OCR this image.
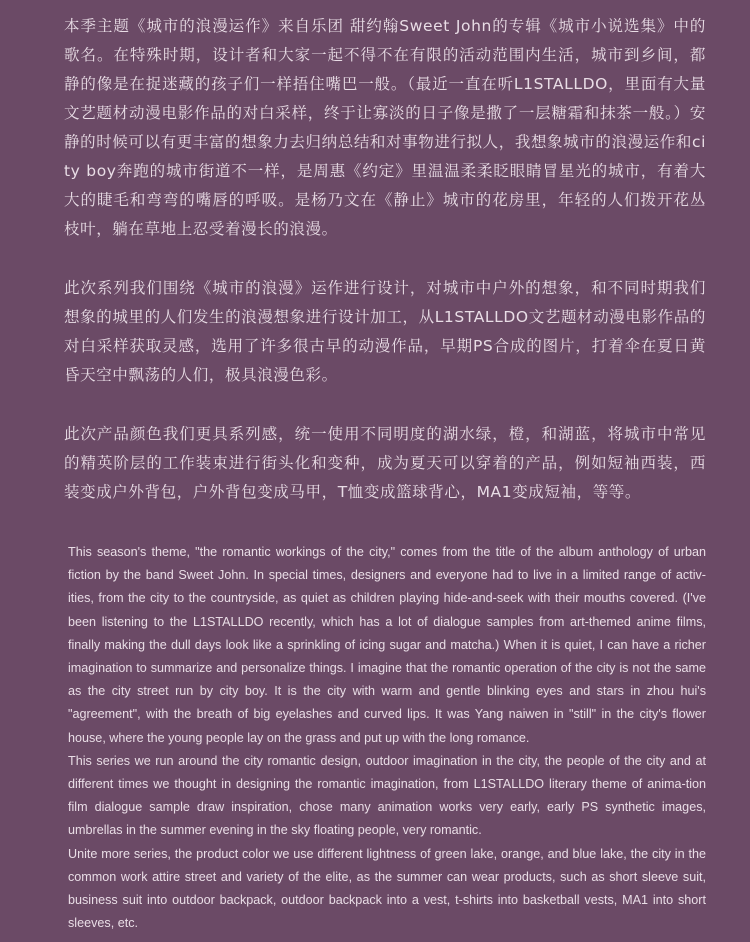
本季主题《城市的浪漫运作》来自乐团 甜约翰Sweet John的专辑《城市小说选集》中的歌名。在特殊时期，设计者和大家一起不得不在有限的活动范围内生活，城市到乡间，都静的像是在捉迷藏的孩子们一样捂住嘴巴一般。（最近一直在听L1STALLDO，里面有大量文艺题材动漫电影作品的对白采样，终于让寡淡的日子像是撒了一层糖霜和抹茶一般。）安静的时候可以有更丰富的想象力去归纳总结和对事物进行拟人，我想象城市的浪漫运作和city boy奔跑的城市街道不一样，是周惠《约定》里温温柔柔眨眼睛冒星光的城市，有着大大的睫毛和弯弯的嘴唇的呼吸。是杨乃文在《静止》城市的花房里，年轻的人们拨开花丛枝叶，躺在草地上忍受着漫长的浪漫。

此次系列我们围绕《城市的浪漫》运作进行设计，对城市中户外的想象，和不同时期我们想象的城里的人们发生的浪漫想象进行设计加工，从L1STALLDO文艺题材动漫电影作品的对白采样获取灵感，选用了许多很古早的动漫作品，早期PS合成的图片，打着伞在夏日黄昏天空中飘荡的人们，极具浪漫色彩。

此次产品颜色我们更具系列感，统一使用不同明度的湖水绿，橙，和湖蓝，将城市中常见的精英阶层的工作装束进行街头化和变种，成为夏天可以穿着的产品，例如短袖西装，西装变成户外背包，户外背包变成马甲，T恤变成篮球背心，MA1变成短袖，等等。

This season's theme, "the romantic workings of the city," comes from the title of the album anthology of urban fiction by the band Sweet John. In special times, designers and everyone had to live in a limited range of activ-ities, from the city to the countryside, as quiet as children playing hide-and-seek with their mouths covered. (I've been listening to the L1STALLDO recently, which has a lot of dialogue samples from art-themed anime films, finally making the dull days look like a sprinkling of icing sugar and matcha.) When it is quiet, I can have a richer imagination to summarize and personalize things. I imagine that the romantic operation of the city is not the same as the city street run by city boy. It is the city with warm and gentle blinking eyes and stars in zhou hui's "agreement", with the breath of big eyelashes and curved lips. It was Yang naiwen in "still" in the city's flower house, where the young people lay on the grass and put up with the long romance.

This series we run around the city romantic design, outdoor imagination in the city, the people of the city and at different times we thought in designing the romantic imagination, from L1STALLDO literary theme of anima-tion film dialogue sample draw inspiration, chose many animation works very early, early PS synthetic images, umbrellas in the summer evening in the sky floating people, very romantic.

Unite more series, the product color we use different lightness of green lake, orange, and blue lake, the city in the common work attire street and variety of the elite, as the summer can wear products, such as short sleeve suit, business suit into outdoor backpack, outdoor backpack into a vest, t-shirts into basketball vests, MA1 into short sleeves, etc.
